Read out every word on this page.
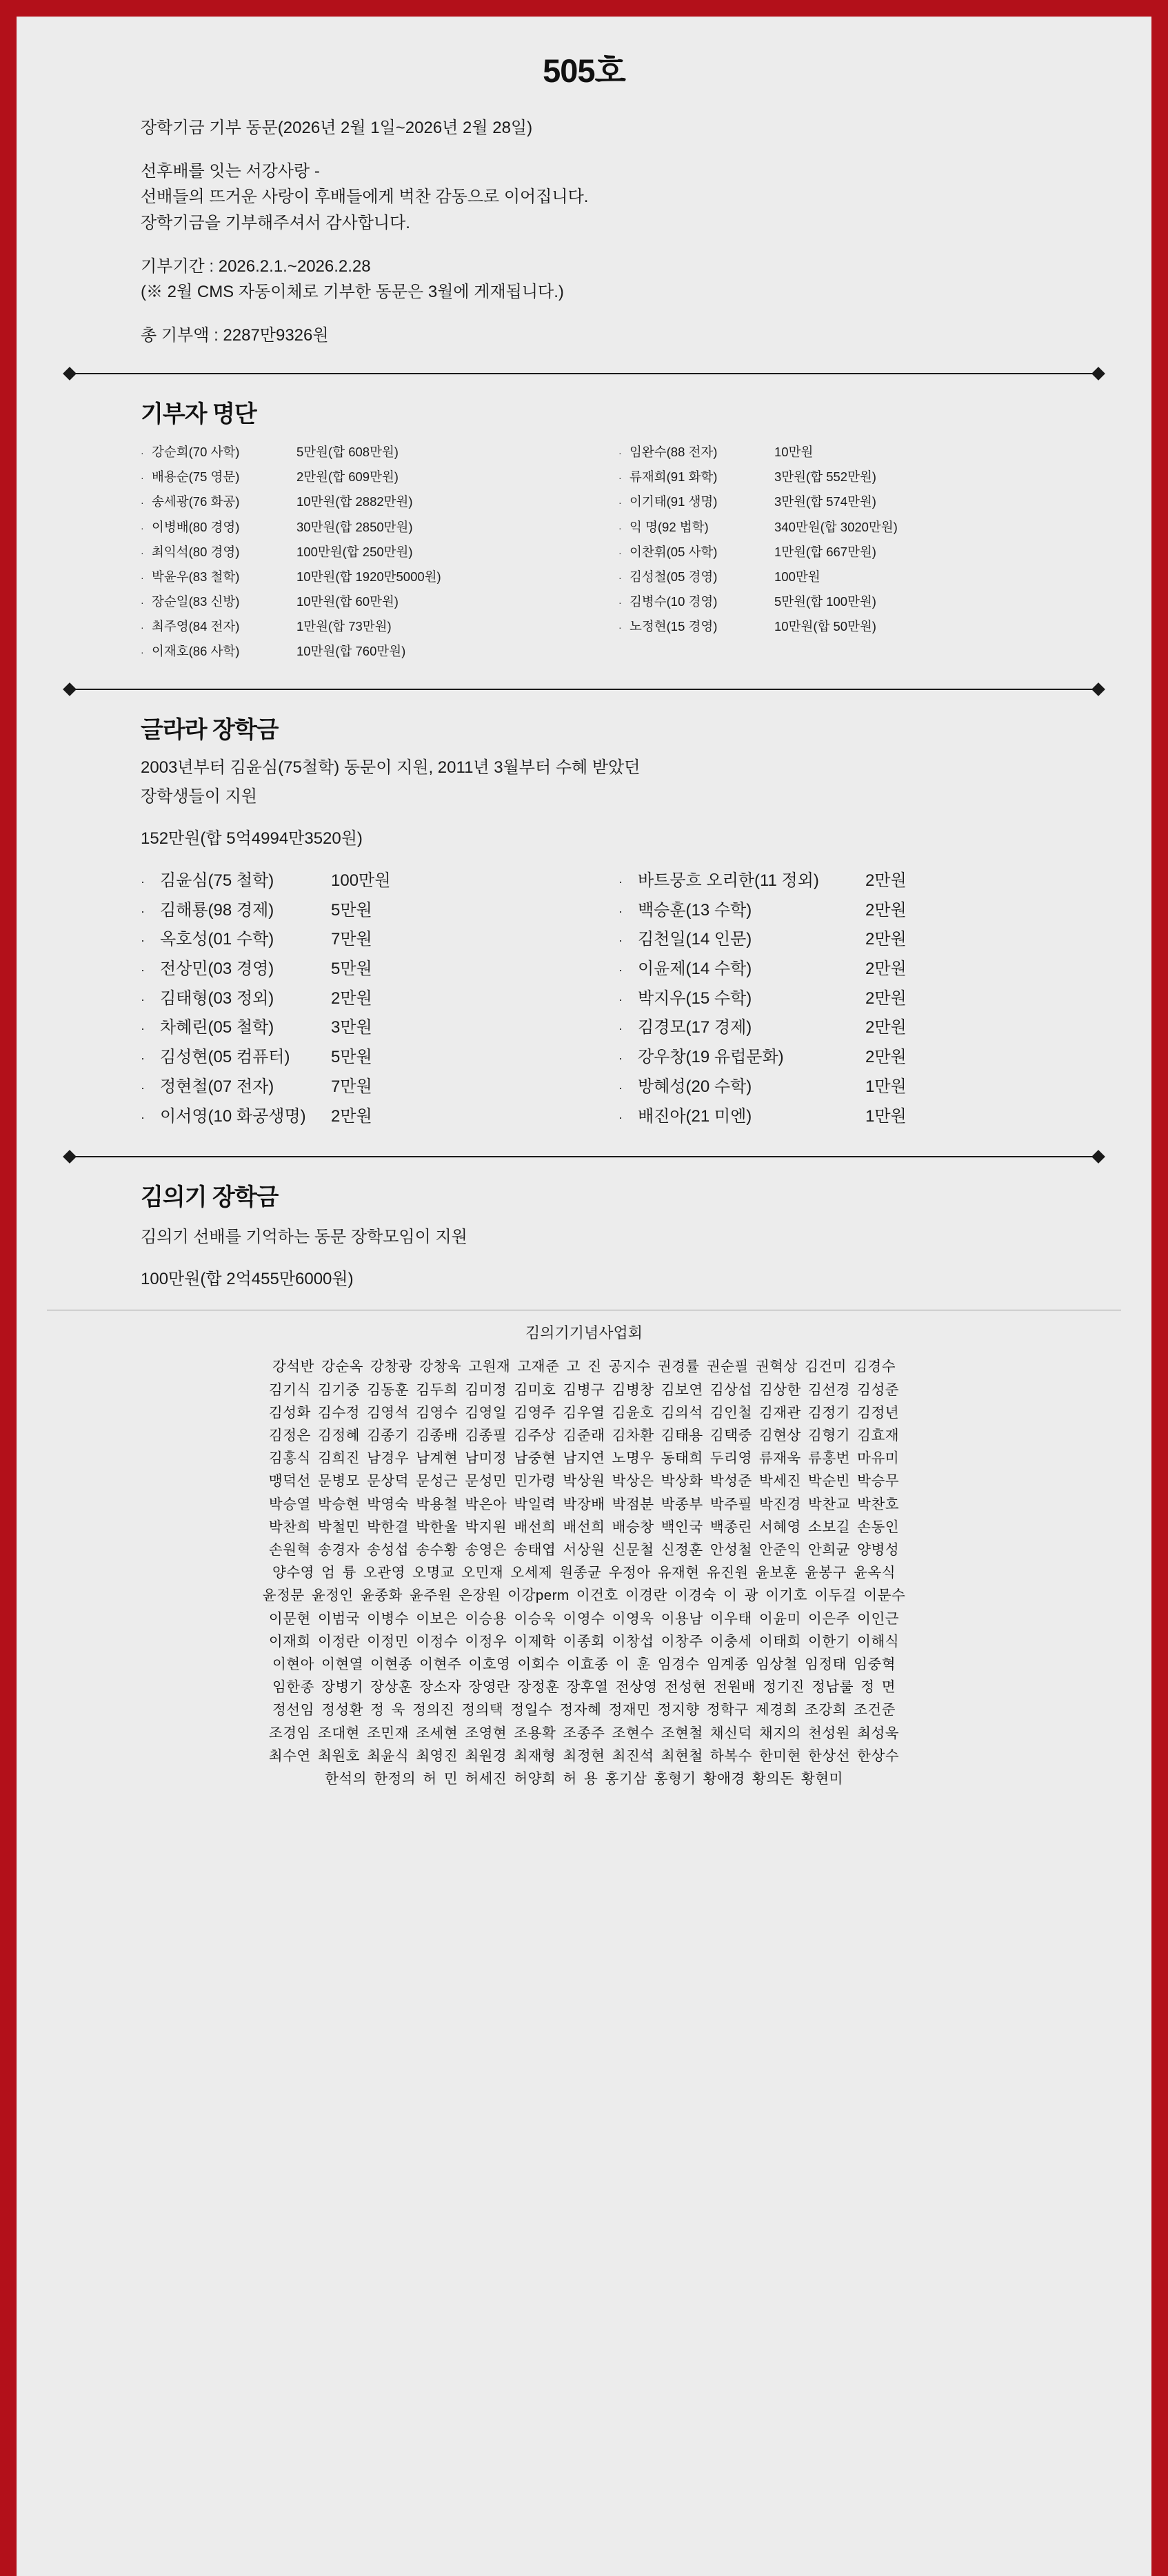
505호

장학기금 기부 동문(2026년 2월 1일~2026년 2월 28일)

선후배를 잇는 서강사랑 -

선배들의 뜨거운 사랑이 후배들에게 벅찬 감동으로 이어집니다.

장학기금을 기부해주셔서 감사합니다.

기부기간 : 2026.2.1.~2026.2.28

(※ 2월 CMS 자동이체로 기부한 동문은 3월에 게재됩니다.)

총 기부액 : 2287만9326원

기부자 명단
· 강순희(70 사학)	5만원(합 608만원)
· 배용순(75 영문)	2만원(합 609만원)
· 송세광(76 화공)	10만원(합 2882만원)
· 이병배(80 경영)	30만원(합 2850만원)
· 최익석(80 경영)	100만원(합 250만원)
· 박윤우(83 철학)	10만원(합 1920만5000원)
· 장순일(83 신방)	10만원(합 60만원)
· 최주영(84 전자)	1만원(합 73만원)
· 이재호(86 사학)	10만원(합 760만원)
· 임완수(88 전자)	10만원
· 류재희(91 화학)	3만원(합 552만원)
· 이기태(91 생명)	3만원(합 574만원)
· 익 명(92 법학)	340만원(합 3020만원)
· 이찬휘(05 사학)	1만원(합 667만원)
· 김성철(05 경영)	100만원
· 김병수(10 경영)	5만원(합 100만원)
· 노정현(15 경영)	10만원(합 50만원)
글라라 장학금

2003년부터 김윤심(75철학) 동문이 지원, 2011년 3월부터 수혜 받았던

장학생들이 지원

152만원(합 5억4994만3520원)

· 김윤심(75 철학)	100만원
· 김해룡(98 경제)	5만원
· 옥호성(01 수학)	7만원
· 전상민(03 경영)	5만원
· 김태형(03 정외)	2만원
· 차혜린(05 철학)	3만원
· 김성현(05 컴퓨터)	5만원
· 정현철(07 전자)	7만원
· 이서영(10 화공생명)	2만원
· 바트뭉흐 오리한(11 정외)	2만원
· 백승훈(13 수학)	2만원
· 김천일(14 인문)	2만원
· 이윤제(14 수학)	2만원
· 박지우(15 수학)	2만원
· 김경모(17 경제)	2만원
· 강우창(19 유럽문화)	2만원
· 방혜성(20 수학)	1만원
· 배진아(21 미엔)	1만원
김의기 장학금

김의기 선배를 기억하는 동문 장학모임이 지원

100만원(합 2억455만6000원)

김의기기념사업회
강석반 강순옥 강창광 강창욱 고원재 고재준 고 진 공지수 권경률 권순필 권혁상 김건미 김경수
김기식 김기중 김동훈 김두희 김미정 김미호 김병구 김병창 김보연 김상섭 김상한 김선경 김성준
김성화 김수정 김영석 김영수 김영일 김영주 김우열 김윤호 김의석 김인철 김재관 김정기 김정년
김정은 김정혜 김종기 김종배 김종필 김주상 김준래 김차환 김태용 김택중 김현상 김형기 김효재
김홍식 김희진 남경우 남계현 남미정 남중현 남지연 노명우 동태희 두리영 류재욱 류홍번 마유미
맹덕선 문병모 문상덕 문성근 문성민 민가령 박상원 박상은 박상화 박성준 박세진 박순빈 박승무
박승열 박승현 박영숙 박용철 박은아 박일력 박장배 박점분 박종부 박주필 박진경 박찬교 박찬호
박찬희 박철민 박한결 박한울 박지원 배선희 배선희 배승창 백인국 백종린 서혜영 소보길 손동인
손원혁 송경자 송성섭 송수황 송영은 송태엽 서상원 신문철 신정훈 안성철 안준익 안희균 양병성
양수영 엄 륭 오관영 오명교 오민재 오세제 원종균 우정아 유재현 유진원 윤보훈 윤봉구 윤옥식
윤정문 윤정인 윤종화 윤주원 은장원 이강perm 이건호 이경란 이경숙 이 광 이기호 이두걸 이문수
이문현 이범국 이병수 이보은 이승용 이승욱 이영수 이영욱 이용남 이우태 이윤미 이은주 이인근
이재희 이정란 이정민 이정수 이정우 이제학 이종회 이창섭 이창주 이충세 이태희 이한기 이해식
이현아 이현열 이현종 이현주 이호영 이회수 이효종 이 훈 임경수 임계종 임상철 임정태 임중혁
임한종 장병기 장상훈 장소자 장영란 장정훈 장후열 전상영 전성현 전원배 정기진 정남룰 정 면
정선임 정성환 정 욱 정의진 정의택 정일수 정자혜 정재민 정지향 정학구 제경희 조강희 조건준
조경임 조대현 조민재 조세현 조영현 조용확 조종주 조현수 조현철 채신덕 채지의 천성원 최성욱
최수연 최원호 최윤식 최영진 최원경 최재형 최정현 최진석 최현철 하복수 한미현 한상선 한상수
한석의 한정의 허 민 허세진 허양희 허 용 홍기삼 홍형기 황애경 황의돈 황현미
